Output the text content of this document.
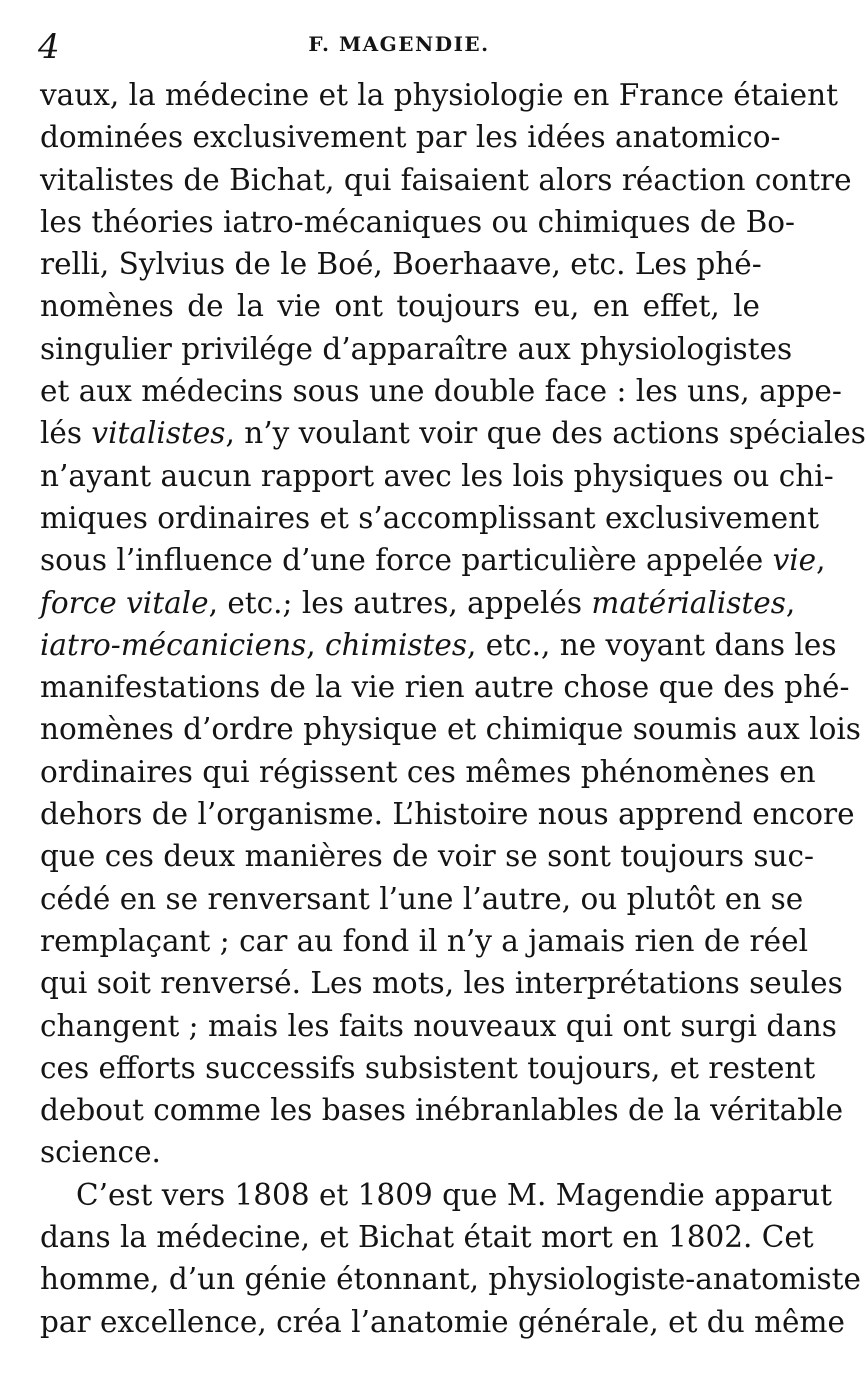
4	F. MAGENDIE.
vaux, la médecine et la physiologie en France étaient
dominées exclusivement par les idées anatomico-
vitalistes de Bichat, qui faisaient alors réaction contre
les théories iatro-mécaniques ou chimiques de Bo-
relli, Sylvius de le Boé, Boerhaave, etc. Les phé-
nomènes de la vie ont toujours eu, en effet, le
singulier privilége d’apparaître aux physiologistes
et aux médecins sous une double face : les uns, appe-
lés vitalistes, n’y voulant voir que des actions spéciales
n’ayant aucun rapport avec les lois physiques ou chi-
miques ordinaires et s’accomplissant exclusivement
sous l’influence d’une force particulière appelée vie,
force vitale, etc.; les autres, appelés matérialistes,
iatro-mécaniciens, chimistes, etc., ne voyant dans les
manifestations de la vie rien autre chose que des phé-
nomènes d’ordre physique et chimique soumis aux lois
ordinaires qui régissent ces mêmes phénomènes en
dehors de l’organisme. L’histoire nous apprend encore
que ces deux manières de voir se sont toujours suc-
cédé en se renversant l’une l’autre, ou plutôt en se
remplaçant ; car au fond il n’y a jamais rien de réel
qui soit renversé. Les mots, les interprétations seules
changent ; mais les faits nouveaux qui ont surgi dans
ces efforts successifs subsistent toujours, et restent
debout comme les bases inébranlables de la véritable
science.
C’est vers 1808 et 1809 que M. Magendie apparut
dans la médecine, et Bichat était mort en 1802. Cet
homme, d’un génie étonnant, physiologiste-anatomiste
par excellence, créa l’anatomie générale, et du même
